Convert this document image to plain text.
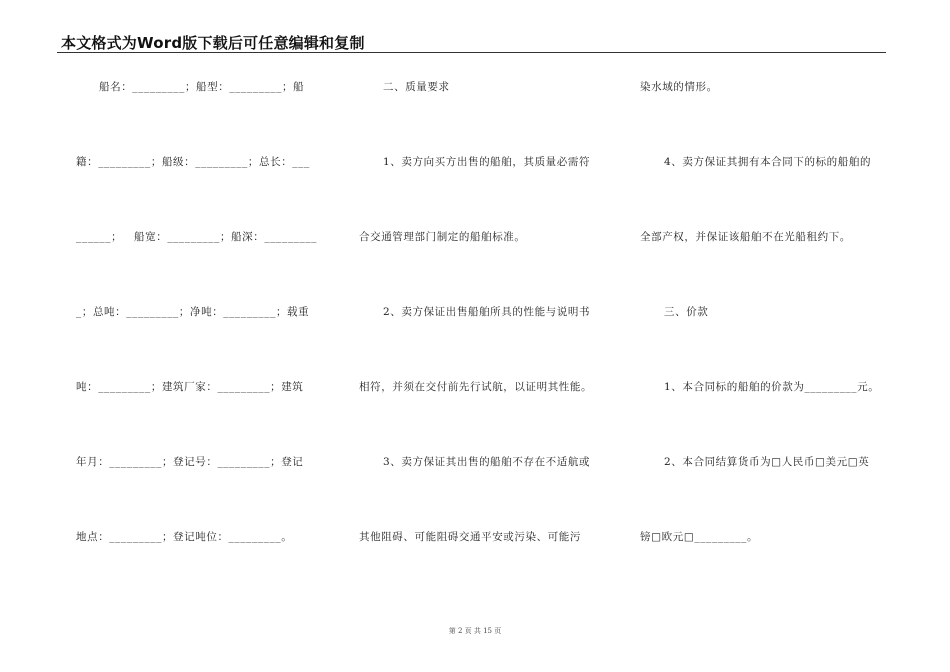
本文格式为Word版下载后可任意编辑和复制
船名：_________；船型：_________；船
籍：_________；船级：_________；总长：___
______；   船宽：_________；船深：_________
_；总吨：_________；净吨：_________；载重
吨：_________；建筑厂家：_________；建筑
年月：_________；登记号：_________；登记
地点：_________；登记吨位：_________。
二、质量要求
1、卖方向买方出售的船舶，其质量必需符
合交通管理部门制定的船舶标准。
2、卖方保证出售船舶所具的性能与说明书
相符，并须在交付前先行试航，以证明其性能。
3、卖方保证其出售的船舶不存在不适航或
其他阻碍、可能阻碍交通平安或污染、可能污
染水域的情形。
4、卖方保证其拥有本合同下的标的船舶的
全部产权，并保证该船舶不在光船租约下。
三、价款
1、本合同标的船舶的价款为_________元。
2、本合同结算货币为□人民币□美元□英
镑□欧元□_________。
第 2 页 共 15 页
